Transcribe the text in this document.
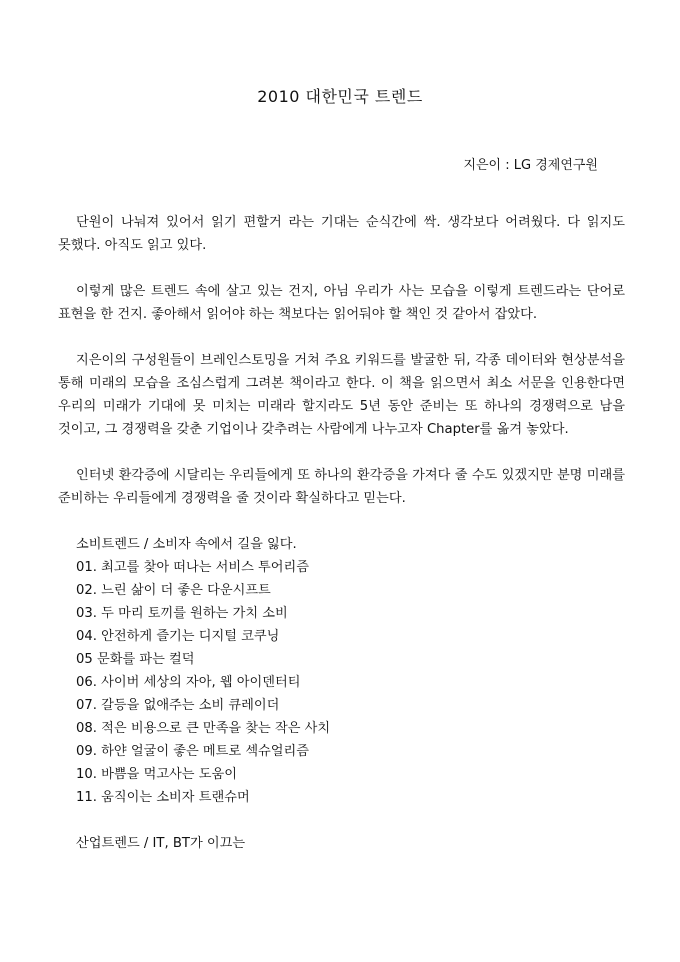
2010 대한민국 트렌드

지은이 : LG 경제연구원

단원이 나눠져 있어서 읽기 편할거 라는 기대는 순식간에 싹. 생각보다 어려웠다. 다 읽지도 못했다. 아직도 읽고 있다.

이렇게 많은 트렌드 속에 살고 있는 건지, 아님 우리가 사는 모습을 이렇게 트렌드라는 단어로 표현을 한 건지. 좋아해서 읽어야 하는 책보다는 읽어둬야 할 책인 것 같아서 잡았다.

지은이의 구성원들이 브레인스토밍을 거쳐 주요 키워드를 발굴한 뒤, 각종 데이터와 현상분석을 통해 미래의 모습을 조심스럽게 그려본 책이라고 한다. 이 책을 읽으면서 최소 서문을 인용한다면 우리의 미래가 기대에 못 미치는 미래라 할지라도 5년 동안 준비는 또 하나의 경쟁력으로 남을 것이고, 그 경쟁력을 갖춘 기업이나 갖추려는 사람에게 나누고자 Chapter를 옮겨 놓았다.

인터넷 환각증에 시달리는 우리들에게 또 하나의 환각증을 가져다 줄 수도 있겠지만 분명 미래를 준비하는 우리들에게 경쟁력을 줄 것이라 확실하다고 믿는다.

소비트렌드 / 소비자 속에서 길을 잃다.

01. 최고를 찾아 떠나는 서비스 투어리즘
02. 느린 삶이 더 좋은 다운시프트
03. 두 마리 토끼를 원하는 가치 소비
04. 안전하게 즐기는 디지털 코쿠닝
05 문화를 파는 컬덕
06. 사이버 세상의 자아, 웹 아이덴터티
07. 갈등을 없애주는 소비 큐레이더
08. 적은 비용으로 큰 만족을 찾는 작은 사치
09. 하얀 얼굴이 좋은 메트로 섹슈얼리즘
10. 바쁨을 먹고사는 도움이
11. 움직이는 소비자 트랜슈머

산업트렌드 / IT, BT가 이끄는
